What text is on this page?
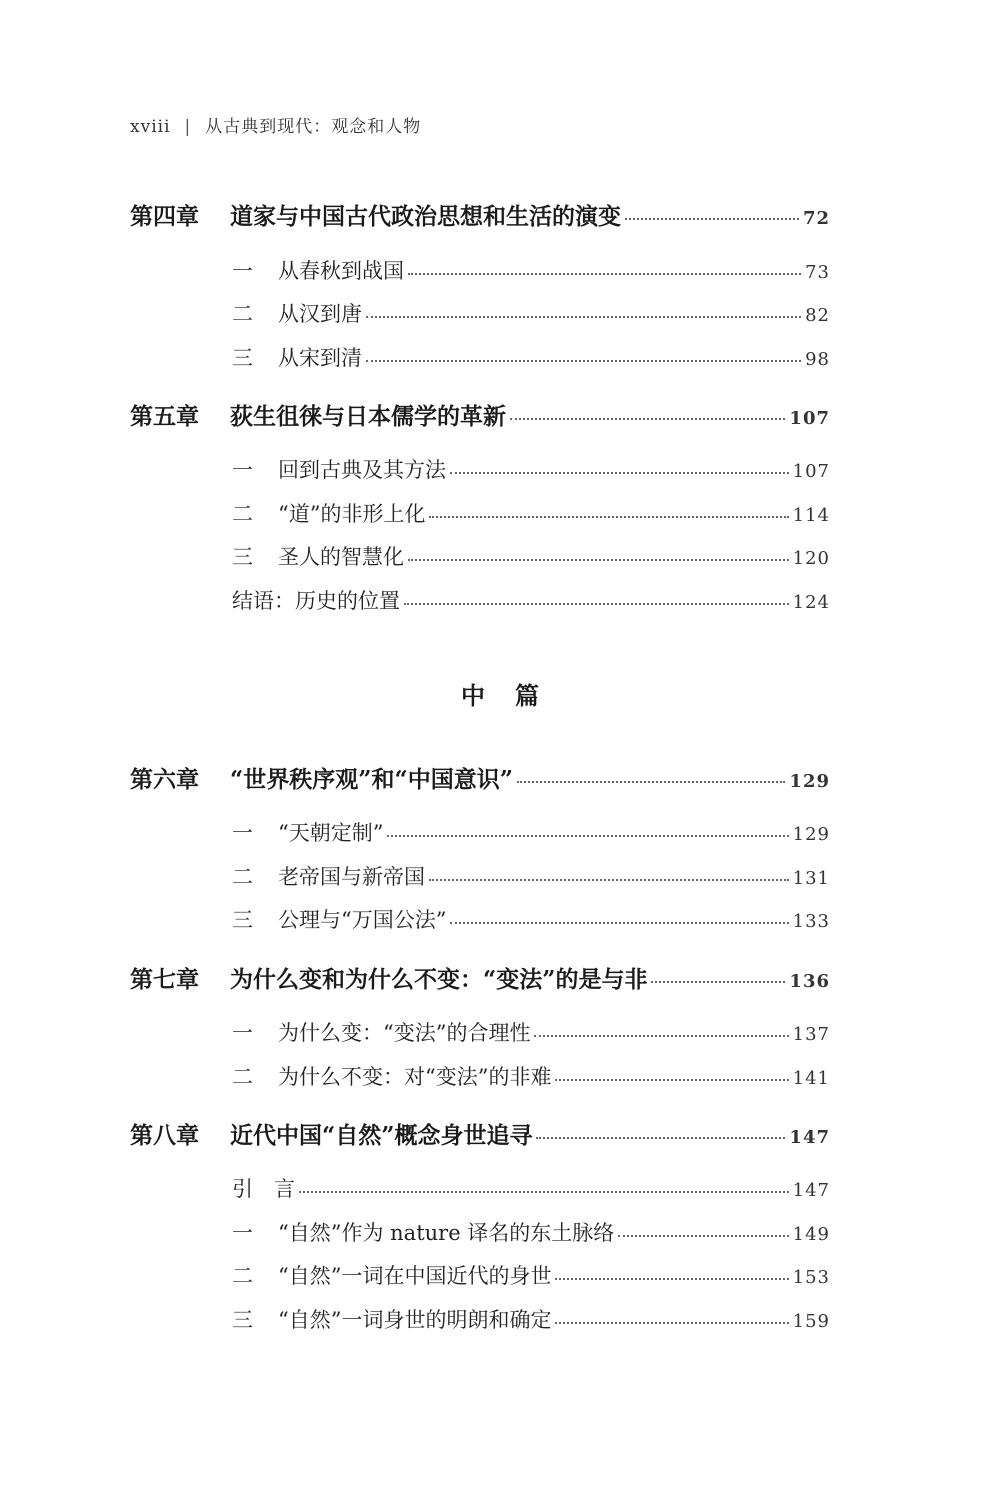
xviii | 从古典到现代：观念和人物
第四章	道家与中国古代政治思想和生活的演变	72
一	从春秋到战国	73
二	从汉到唐	82
三	从宋到清	98
第五章	荻生徂徕与日本儒学的革新	107
一	回到古典及其方法	107
二	“道”的非形上化	114
三	圣人的智慧化	120
结语：历史的位置	124
中篇
第六章	“世界秩序观”和“中国意识”	129
一	“天朝定制”	129
二	老帝国与新帝国	131
三	公理与“万国公法”	133
第七章	为什么变和为什么不变：“变法”的是与非	136
一	为什么变：“变法”的合理性	137
二	为什么不变：对“变法”的非难	141
第八章	近代中国“自然”概念身世追寻	147
引　言	147
一	“自然”作为 nature 译名的东土脉络	149
二	“自然”一词在中国近代的身世	153
三	“自然”一词身世的明朗和确定	159
